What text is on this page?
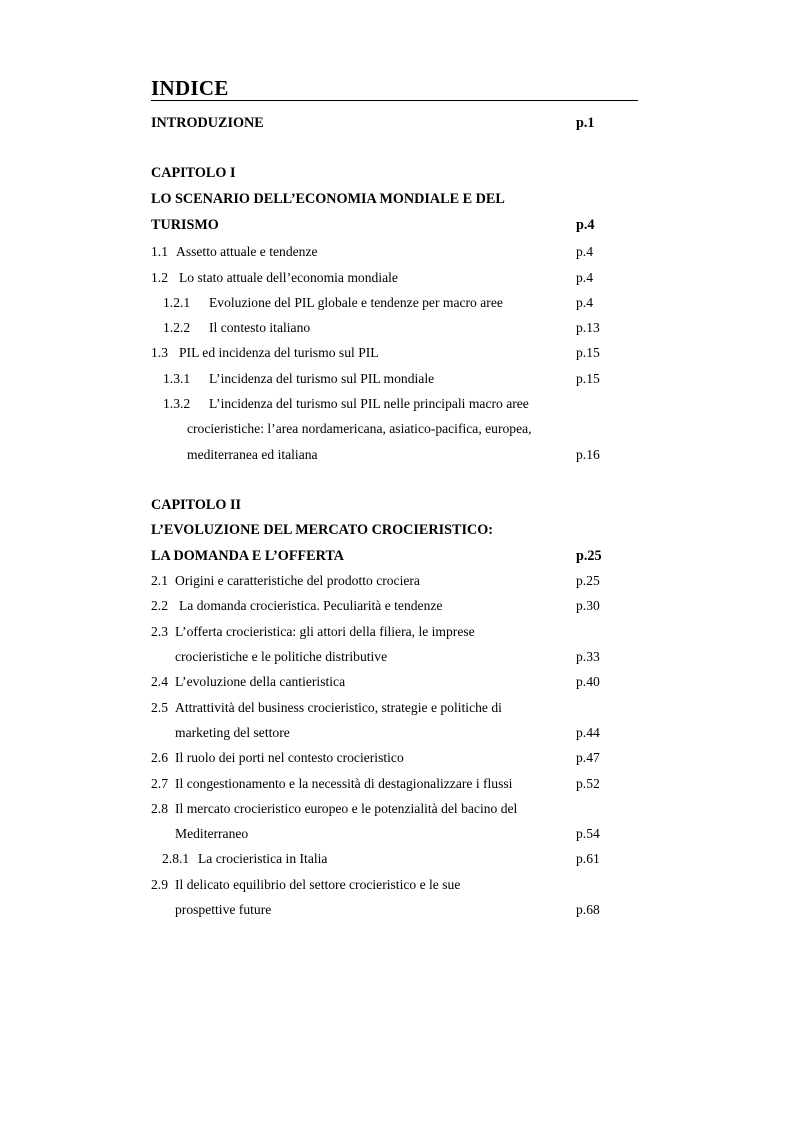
INDICE
INTRODUZIONE	p.1
CAPITOLO I
LO SCENARIO DELL’ECONOMIA MONDIALE E DEL
TURISMO	p.4
1.1 Assetto attuale e tendenze	p.4
1.2 Lo stato attuale dell’economia mondiale	p.4
1.2.1 Evoluzione del PIL globale e tendenze per macro aree	p.4
1.2.2 Il contesto italiano	p.13
1.3 PIL ed incidenza del turismo sul PIL	p.15
1.3.1 L’incidenza del turismo sul PIL mondiale	p.15
1.3.2 L’incidenza del turismo sul PIL nelle principali macro aree
crocieristiche: l’area nordamericana, asiatico-pacifica, europea,
mediterranea ed italiana	p.16
CAPITOLO II
L’EVOLUZIONE DEL MERCATO CROCIERISTICO:
LA DOMANDA E L’OFFERTA	p.25
2.1 Origini e caratteristiche del prodotto crociera	p.25
2.2 La domanda crocieristica. Peculiarità e tendenze	p.30
2.3 L’offerta crocieristica: gli attori della filiera, le imprese
crocieristiche e le politiche distributive	p.33
2.4 L’evoluzione della cantieristica	p.40
2.5 Attrattività del business crocieristico, strategie e politiche di
marketing del settore	p.44
2.6 Il ruolo dei porti nel contesto crocieristico	p.47
2.7 Il congestionamento e la necessità di destagionalizzare i flussi	p.52
2.8 Il mercato crocieristico europeo e le potenzialità del bacino del
Mediterraneo	p.54
2.8.1 La crocieristica in Italia	p.61
2.9 Il delicato equilibrio del settore crocieristico e le sue
prospettive future	p.68
